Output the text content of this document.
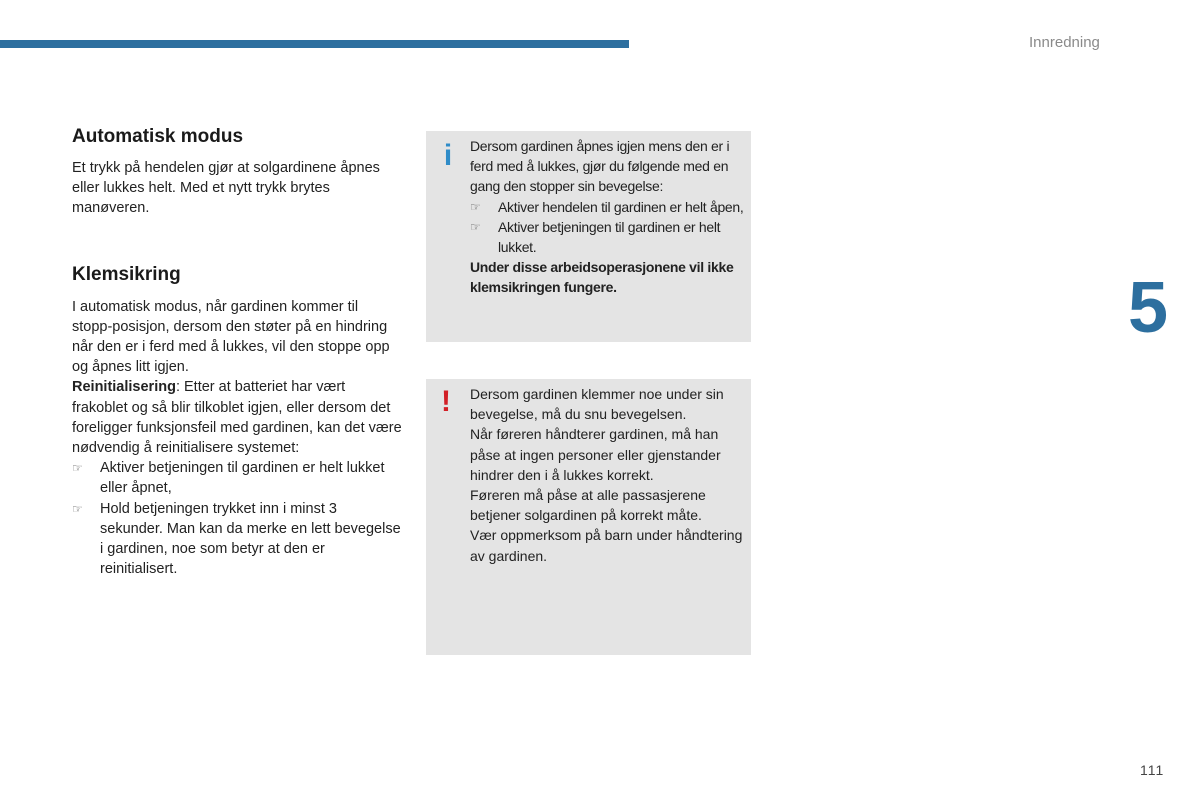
Innredning
5
111
Automatisk modus

Et trykk på hendelen gjør at solgardinene åpnes eller lukkes helt. Med et nytt trykk brytes manøveren.

Klemsikring

I automatisk modus, når gardinen kommer til stopp-posisjon, dersom den støter på en hindring når den er i ferd med å lukkes, vil den stoppe opp og åpnes litt igjen.

Reinitialisering: Etter at batteriet har vært frakoblet og så blir tilkoblet igjen, eller dersom det foreligger funksjonsfeil med gardinen, kan det være nødvendig å reinitialisere systemet:

☞ Aktiver betjeningen til gardinen er helt lukket eller åpnet,
☞ Hold betjeningen trykket inn i minst 3 sekunder. Man kan da merke en lett bevegelse i gardinen, noe som betyr at den er reinitialisert.
i Dersom gardinen åpnes igjen mens den er i ferd med å lukkes, gjør du følgende med en gang den stopper sin bevegelse:

☞ Aktiver hendelen til gardinen er helt åpen,
☞ Aktiver betjeningen til gardinen er helt lukket.

Under disse arbeidsoperasjonene vil ikke klemsikringen fungere.

! Dersom gardinen klemmer noe under sin bevegelse, må du snu bevegelsen.

Når føreren håndterer gardinen, må han påse at ingen personer eller gjenstander hindrer den i å lukkes korrekt.

Føreren må påse at alle passasjerene betjener solgardinen på korrekt måte.

Vær oppmerksom på barn under håndtering av gardinen.
